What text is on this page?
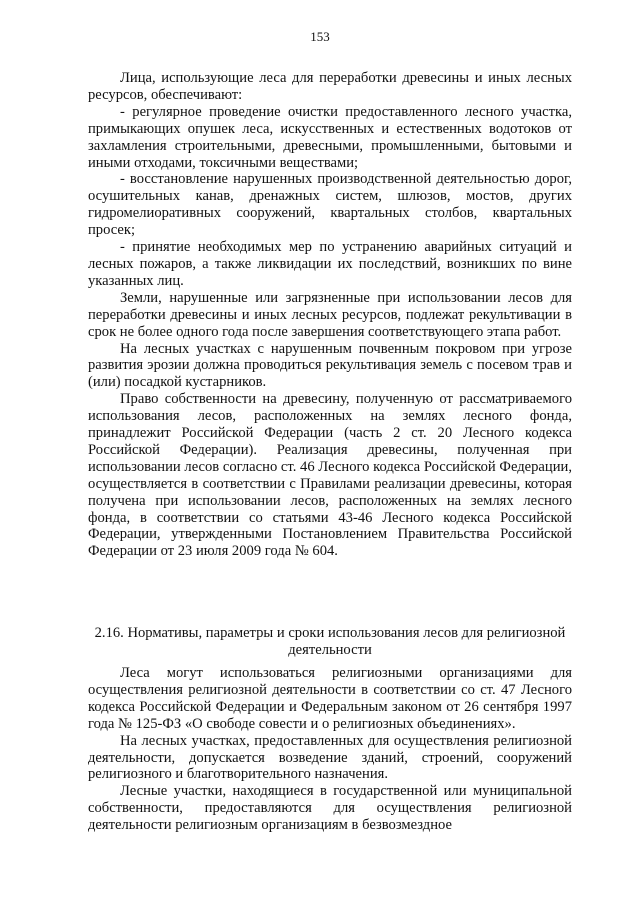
153

Лица, использующие леса для переработки древесины и иных лесных ресурсов, обеспечивают:

- регулярное проведение очистки предоставленного лесного участка, примыкающих опушек леса, искусственных и естественных водотоков от захламления строительными, древесными, промышленными, бытовыми и иными отходами, токсичными веществами;

- восстановление нарушенных производственной деятельностью дорог, осушительных канав, дренажных систем, шлюзов, мостов, других гидромелиоративных сооружений, квартальных столбов, квартальных просек;

- принятие необходимых мер по устранению аварийных ситуаций и лесных пожаров, а также ликвидации их последствий, возникших по вине указанных лиц.

Земли, нарушенные или загрязненные при использовании лесов для переработки древесины и иных лесных ресурсов, подлежат рекультивации в срок не более одного года после завершения соответствующего этапа работ.

На лесных участках с нарушенным почвенным покровом при угрозе развития эрозии должна проводиться рекультивация земель с посевом трав и (или) посадкой кустарников.

Право собственности на древесину, полученную от рассматриваемого использования лесов, расположенных на землях лесного фонда, принадлежит Российской Федерации (часть 2 ст. 20 Лесного кодекса Российской Федерации). Реализация древесины, полученная при использовании лесов согласно ст. 46 Лесного кодекса Российской Федерации, осуществляется в соответствии с Правилами реализации древесины, которая получена при использовании лесов, расположенных на землях лесного фонда, в соответствии со статьями 43-46 Лесного кодекса Российской Федерации, утвержденными Постановлением Правительства Российской Федерации от 23 июля 2009 года № 604.

2.16. Нормативы, параметры и сроки использования лесов для религиозной деятельности

Леса могут использоваться религиозными организациями для осуществления религиозной деятельности в соответствии со ст. 47 Лесного кодекса Российской Федерации и Федеральным законом от 26 сентября 1997 года № 125-ФЗ «О свободе совести и о религиозных объединениях».

На лесных участках, предоставленных для осуществления религиозной деятельности, допускается возведение зданий, строений, сооружений религиозного и благотворительного назначения.

Лесные участки, находящиеся в государственной или муниципальной собственности, предоставляются для осуществления религиозной деятельности религиозным организациям в безвозмездное
